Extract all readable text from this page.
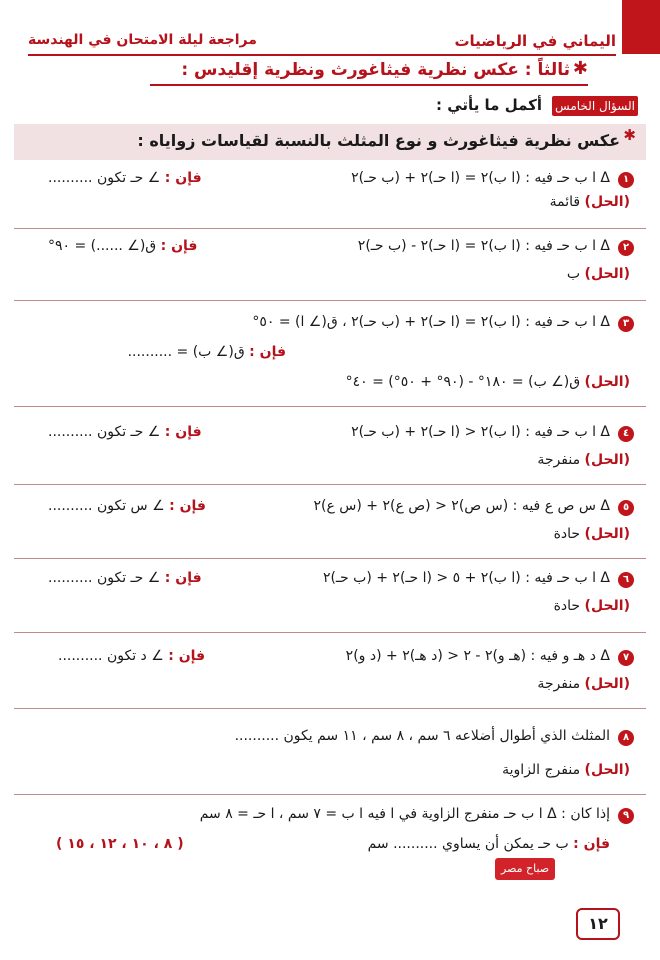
اليماني في الرياضيات
مراجعة ليلة الامتحان في الهندسة
✱
ثالثاً : عكس نظرية فيثاغورث ونظرية إقليدس :
السؤال الخامس
أكمل ما يأتي :
✱
عكس نظرية فيثاغورث و نوع المثلث بالنسبة لقياسات زواياه :
١
Δ ا ب حـ فيه : (ا ب)٢ = (ا حـ)٢ + (ب حـ)٢
فإن : ∠ حـ تكون ..........
(الحل) قائمة
٢
Δ ا ب حـ فيه : (ا ب)٢ = (ا حـ)٢ - (ب حـ)٢
فإن : ق(∠ ......) = ٩٠°
(الحل) ب
٣
Δ ا ب حـ فيه : (ا ب)٢ = (ا حـ)٢ + (ب حـ)٢ ، ق(∠ ا) = ٥٠°
فإن : ق(∠ ب) = ..........
(الحل) ق(∠ ب) = ١٨٠° - (٩٠° + ٥٠°) = ٤٠°
٤
Δ ا ب حـ فيه : (ا ب)٢ < (ا حـ)٢ + (ب حـ)٢
فإن : ∠ حـ تكون ..........
(الحل) منفرجة
٥
Δ س ص ع فيه : (س ص)٢ < (ص ع)٢ + (س ع)٢
فإن : ∠ س تكون ..........
(الحل) حادة
٦
Δ ا ب حـ فيه : (ا ب)٢ + ٥ < (ا حـ)٢ + (ب حـ)٢
فإن : ∠ حـ تكون ..........
(الحل) حادة
٧
Δ د هـ و فيه : (هـ و)٢ - ٢ < (د هـ)٢ + (د و)٢
فإن : ∠ د تكون ..........
(الحل) منفرجة
٨
المثلث الذي أطوال أضلاعه ٦ سم ، ٨ سم ، ١١ سم يكون ..........
(الحل) منفرج الزاوية
٩
إذا كان : Δ ا ب حـ منفرج الزاوية في ا فيه ا ب = ٧ سم ، ا حـ = ٨ سم
فإن : ب حـ يمكن أن يساوي .......... سم
( ٨ ، ١٠ ، ١٢ ، ١٥ )
صباح مصر
١٢
